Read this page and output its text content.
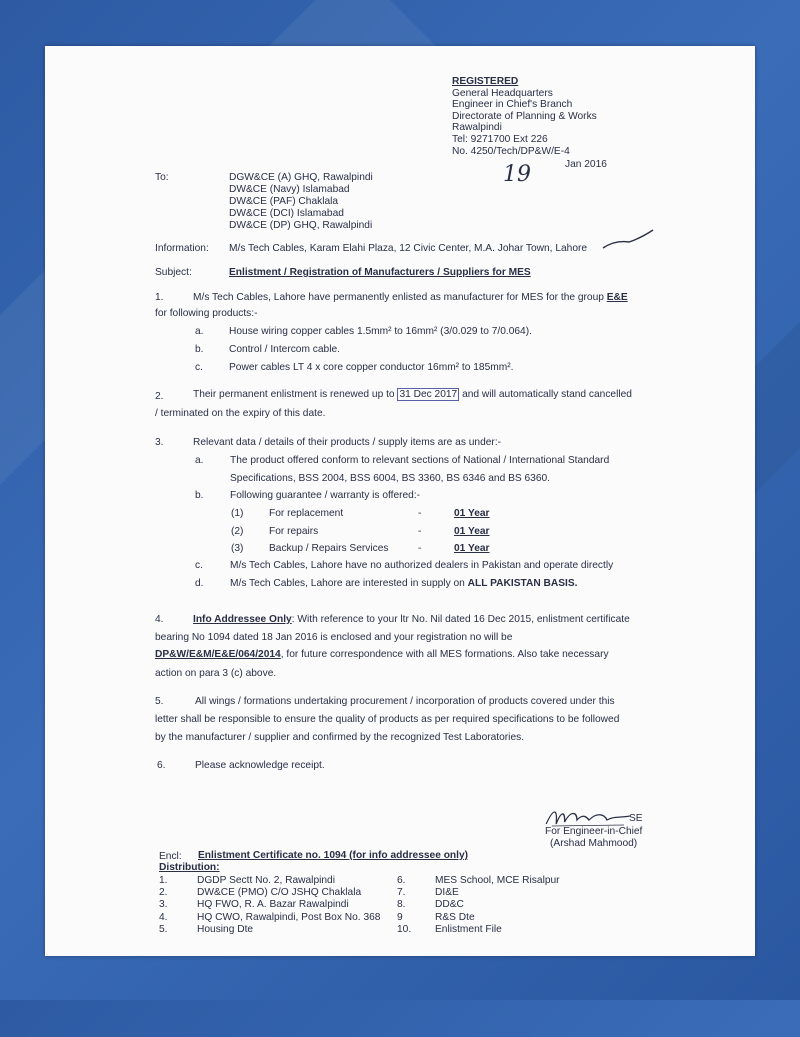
REGISTERED
General Headquarters
Engineer in Chief's Branch
Directorate of Planning & Works
Rawalpindi
Tel: 9271700 Ext 226
No. 4250/Tech/DP&W/E-4
19	Jan 2016
To:	DGW&CE (A) GHQ, Rawalpindi
DW&CE (Navy) Islamabad
DW&CE (PAF) Chaklala
DW&CE (DCI) Islamabad
DW&CE (DP) GHQ, Rawalpindi
Information: M/s Tech Cables, Karam Elahi Plaza, 12 Civic Center, M.A. Johar Town, Lahore
Subject:	Enlistment / Registration of Manufacturers / Suppliers for MES
1.	M/s Tech Cables, Lahore have permanently enlisted as manufacturer for MES for the group E&E
for following products:-
a.	House wiring copper cables 1.5mm² to 16mm² (3/0.029 to 7/0.064).
b.	Control / Intercom cable.
c.	Power cables LT 4 x core copper conductor 16mm² to 185mm².
2.	Their permanent enlistment is renewed up to 31 Dec 2017 and will automatically stand cancelled
/ terminated on the expiry of this date.
3.	Relevant data / details of their products / supply items are as under:-
a.	The product offered conform to relevant sections of National / International Standard
Specifications, BSS 2004, BSS 6004, BS 3360, BS 6346 and BS 6360.
b.	Following guarantee / warranty is offered:-
(1)	For replacement	-	01 Year
(2)	For repairs	-	01 Year
(3)	Backup / Repairs Services	-	01 Year
c.	M/s Tech Cables, Lahore have no authorized dealers in Pakistan and operate directly
d.	M/s Tech Cables, Lahore are interested in supply on ALL PAKISTAN BASIS.
4.	Info Addressee Only: With reference to your ltr No. Nil dated 16 Dec 2015, enlistment certificate
bearing No 1094 dated 18 Jan 2016 is enclosed and your registration no will be
DP&W/E&M/E&E/064/2014, for future correspondence with all MES formations. Also take necessary
action on para 3 (c) above.
5.	All wings / formations undertaking procurement / incorporation of products covered under this
letter shall be responsible to ensure the quality of products as per required specifications to be followed
by the manufacturer / supplier and confirmed by the recognized Test Laboratories.
6.	Please acknowledge receipt.
SE
For Engineer-in-Chief
(Arshad Mahmood)
Encl: Enlistment Certificate no. 1094 (for info addressee only)
Distribution:
1.	DGDP Sectt No. 2, Rawalpindi
2.	DW&CE (PMO) C/O JSHQ Chaklala
3.	HQ FWO, R. A. Bazar Rawalpindi
4.	HQ CWO, Rawalpindi, Post Box No. 368
5.	Housing Dte
6.	MES School, MCE Risalpur
7.	DI&E
8.	DD&C
9	R&S Dte
10.	Enlistment File
